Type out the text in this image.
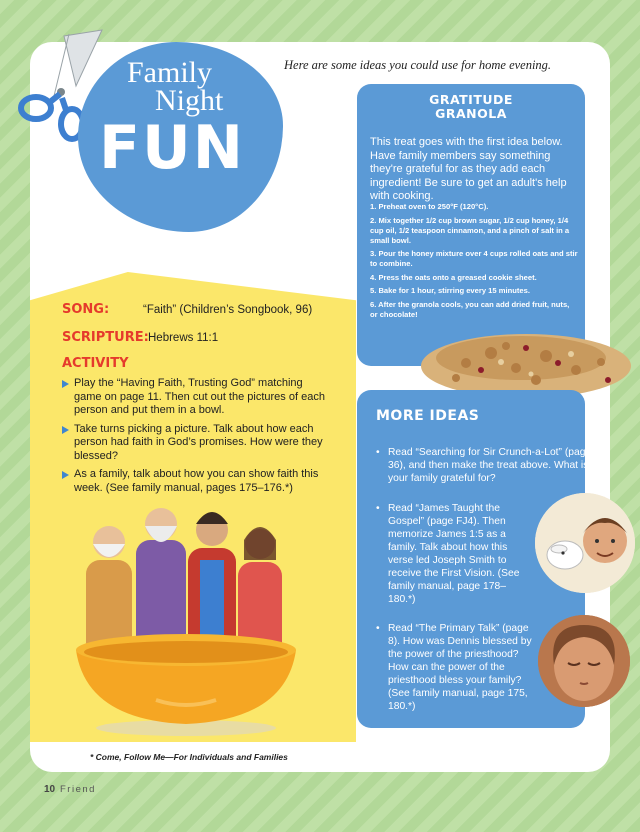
Family
Night
FUN
Here are some ideas you could use for home evening.
GRATITUDE
GRANOLA
This treat goes with the first idea below. Have family members say something they're grateful for as they add each ingredient! Be sure to get an adult's help with cooking.
1. Preheat oven to 250°F (120°C).
2. Mix together 1/2 cup brown sugar, 1/2 cup honey, 1/4 cup oil, 1/2 teaspoon cinnamon, and a pinch of salt in a small bowl.
3. Pour the honey mixture over 4 cups rolled oats and stir to combine.
4. Press the oats onto a greased cookie sheet.
5. Bake for 1 hour, stirring every 15 minutes.
6. After the granola cools, you can add dried fruit, nuts, or chocolate!
MORE IDEAS
• Read “Searching for Sir Crunch-a-Lot” (page 36), and then make the treat above. What is your family grateful for?
• Read “James Taught the Gospel” (page FJ4). Then memorize James 1:5 as a family. Talk about how this verse led Joseph Smith to receive the First Vision. (See family manual, page 178–180.*)
• Read “The Primary Talk” (page 8). How was Dennis blessed by the power of the priesthood? How can the power of the priesthood bless your family? (See family manual, page 175, 180.*)
SONG:	“Faith” (Children’s Songbook, 96)
SCRIPTURE: Hebrews 11:1
ACTIVITY
Play the “Having Faith, Trusting God” matching game on page 11. Then cut out the pictures of each person and put them in a bowl.
Take turns picking a picture. Talk about how each person had faith in God’s promises. How were they blessed?
As a family, talk about how you can show faith this week. (See family manual, pages 175–176.*)
* Come, Follow Me—For Individuals and Families
10 Friend
